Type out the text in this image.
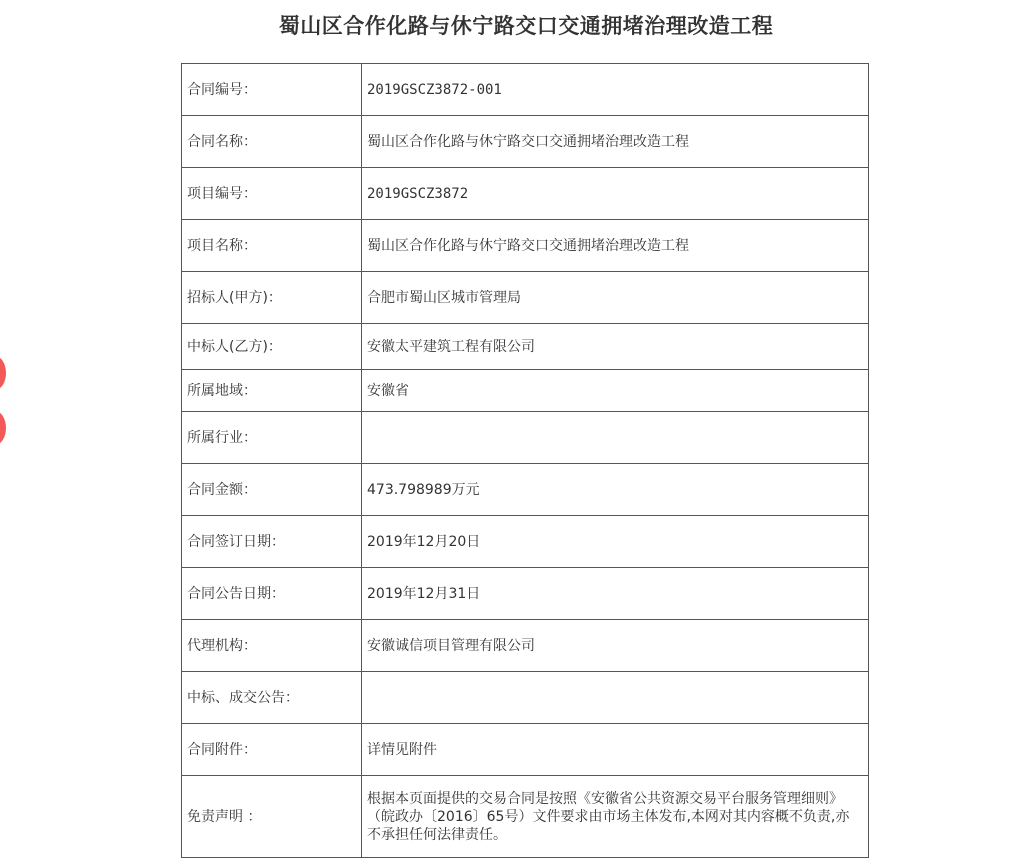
蜀山区合作化路与休宁路交口交通拥堵治理改造工程
合同编号：	2019GSCZ3872-001
合同名称：	蜀山区合作化路与休宁路交口交通拥堵治理改造工程
项目编号：	2019GSCZ3872
项目名称：	蜀山区合作化路与休宁路交口交通拥堵治理改造工程
招标人(甲方)：	合肥市蜀山区城市管理局
中标人(乙方)：	安徽太平建筑工程有限公司
所属地域：	安徽省
所属行业：	
合同金额：	473.798989万元
合同签订日期：	2019年12月20日
合同公告日期：	2019年12月31日
代理机构：	安徽诚信项目管理有限公司
中标、成交公告：	
合同附件：	详情见附件
免责声明 ：	根据本页面提供的交易合同是按照《安徽省公共资源交易平台服务管理细则》（皖政办〔2016〕65号）文件要求由市场主体发布,本网对其内容概不负责,亦不承担任何法律责任。
